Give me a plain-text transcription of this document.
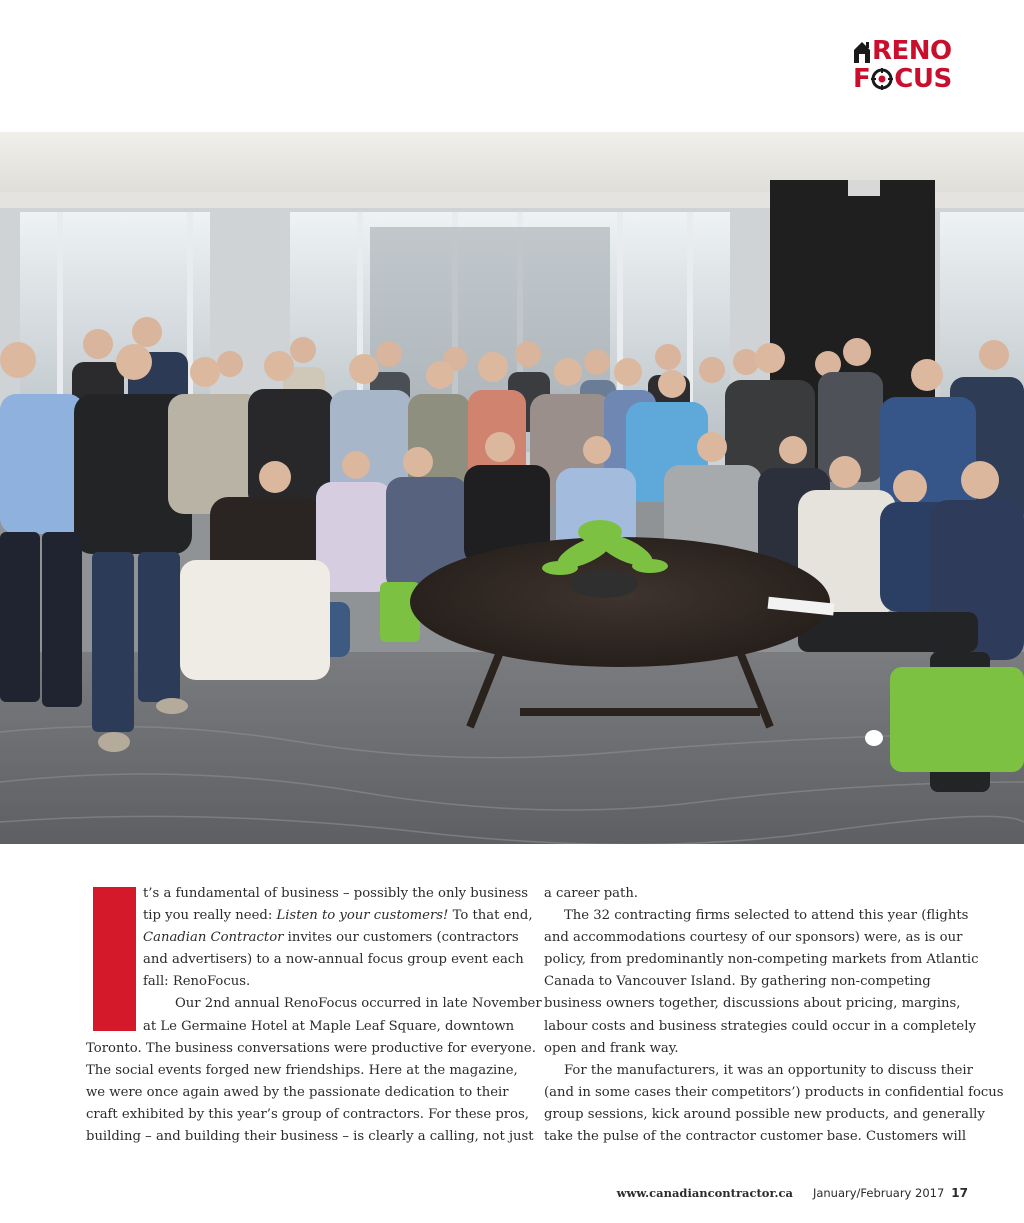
RENO
F CUS
t’s a fundamental of business – possibly the only business
tip you really need: Listen to your customers! To that end,
Canadian Contractor invites our customers (contractors
and advertisers) to a now-annual focus group event each
fall: RenoFocus.
Our 2nd annual RenoFocus occurred in late November
at Le Germaine Hotel at Maple Leaf Square, downtown
Toronto. The business conversations were productive for everyone.
The social events forged new friendships. Here at the magazine,
we were once again awed by the passionate dedication to their
craft exhibited by this year’s group of contractors. For these pros,
building – and building their business – is clearly a calling, not just
a career path.
The 32 contracting firms selected to attend this year (flights
and accommodations courtesy of our sponsors) were, as is our
policy, from predominantly non-competing markets from Atlantic
Canada to Vancouver Island. By gathering non-competing
business owners together, discussions about pricing, margins,
labour costs and business strategies could occur in a completely
open and frank way.
For the manufacturers, it was an opportunity to discuss their
(and in some cases their competitors’) products in confidential focus
group sessions, kick around possible new products, and generally
take the pulse of the contractor customer base. Customers will
www.canadiancontractor.ca January/February 2017 17
